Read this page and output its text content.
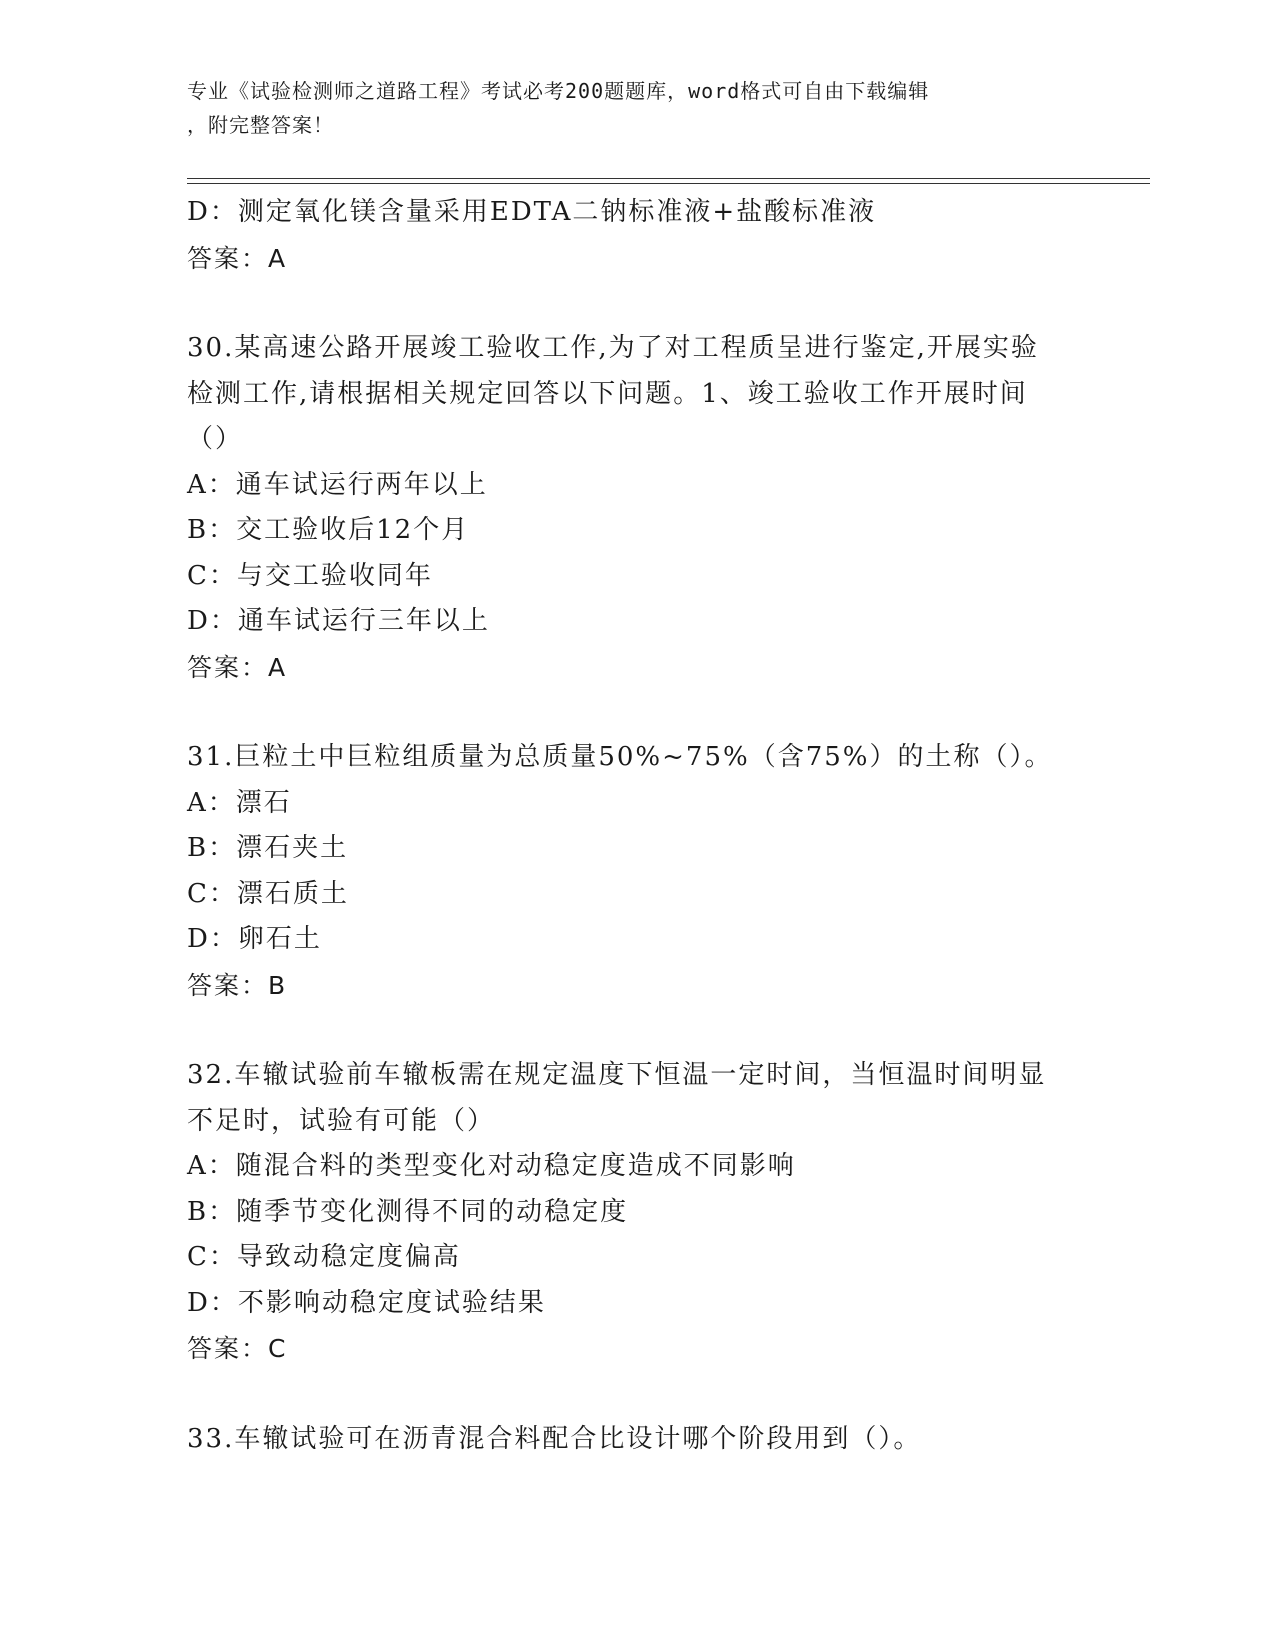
专业《试验检测师之道路工程》考试必考200题题库，word格式可自由下载编辑
，附完整答案！
D：测定氧化镁含量采用EDTA二钠标准液+盐酸标准液
答案：A
30.某高速公路开展竣工验收工作,为了对工程质呈进行鉴定,开展实验
检测工作,请根据相关规定回答以下问题。1、竣工验收工作开展时间
（）
A：通车试运行两年以上
B：交工验收后12个月
C：与交工验收同年
D：通车试运行三年以上
答案：A
31.巨粒土中巨粒组质量为总质量50%~75%（含75%）的土称（）。
A：漂石
B：漂石夹土
C：漂石质土
D：卵石土
答案：B
32.车辙试验前车辙板需在规定温度下恒温一定时间，当恒温时间明显
不足时，试验有可能（）
A：随混合料的类型变化对动稳定度造成不同影响
B：随季节变化测得不同的动稳定度
C：导致动稳定度偏高
D：不影响动稳定度试验结果
答案：C
33.车辙试验可在沥青混合料配合比设计哪个阶段用到（）。
